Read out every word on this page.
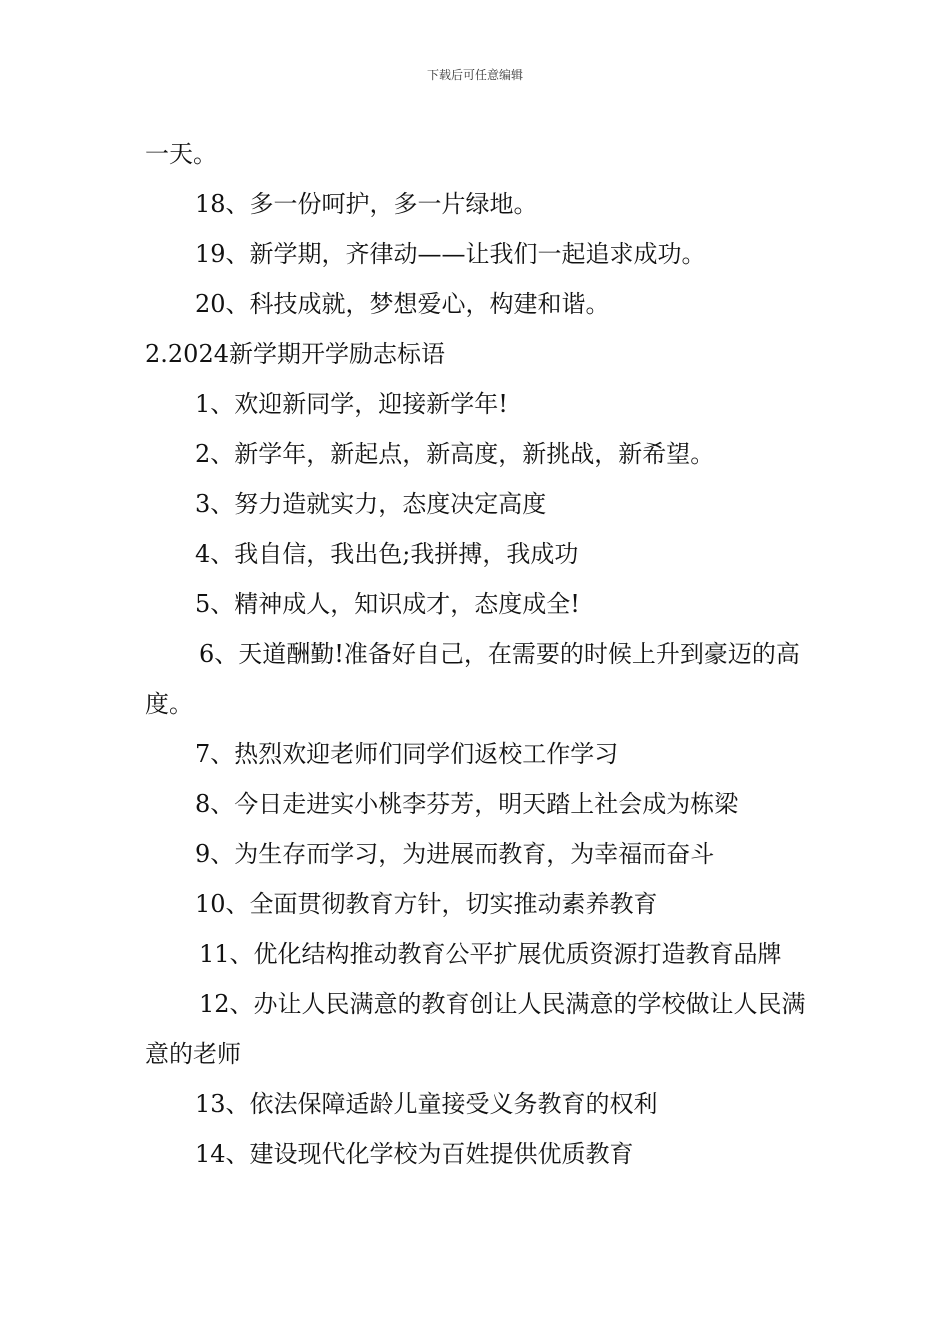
下载后可任意编辑

一天。

18、多一份呵护，多一片绿地。

19、新学期，齐律动——让我们一起追求成功。

20、科技成就，梦想爱心，构建和谐。

2.2024新学期开学励志标语

1、欢迎新同学，迎接新学年!

2、新学年，新起点，新高度，新挑战，新希望。

3、努力造就实力，态度决定高度

4、我自信，我出色;我拼搏，我成功

5、精神成人，知识成才，态度成全!

6、天道酬勤!准备好自己，在需要的时候上升到豪迈的高度。

7、热烈欢迎老师们同学们返校工作学习

8、今日走进实小桃李芬芳，明天踏上社会成为栋梁

9、为生存而学习，为进展而教育，为幸福而奋斗

10、全面贯彻教育方针，切实推动素养教育

11、优化结构推动教育公平扩展优质资源打造教育品牌

12、办让人民满意的教育创让人民满意的学校做让人民满意的老师

13、依法保障适龄儿童接受义务教育的权利

14、建设现代化学校为百姓提供优质教育
